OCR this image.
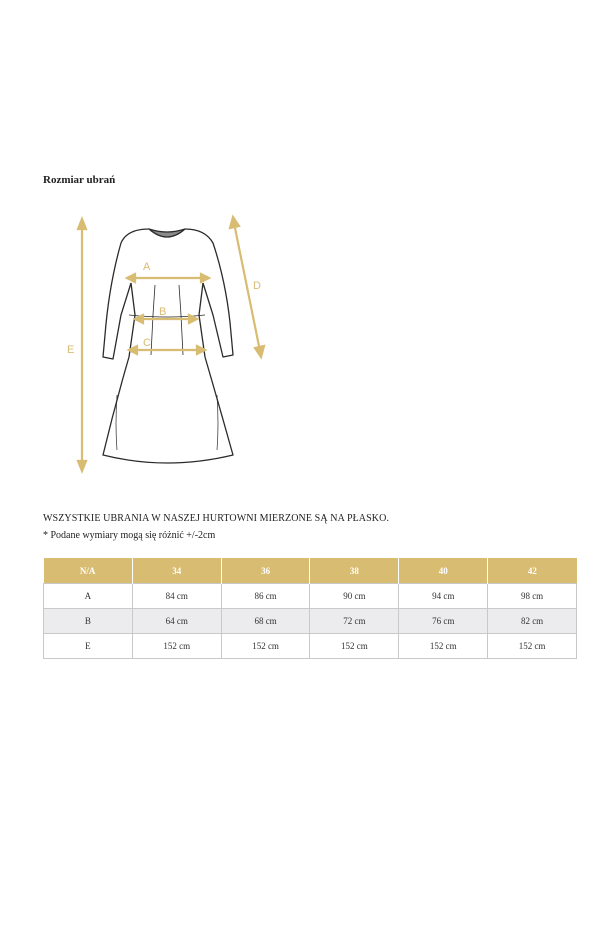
Rozmiar ubrań
A
B
C
D
E
WSZYSTKIE UBRANIA W NASZEJ HURTOWNI MIERZONE SĄ NA PŁASKO.
* Podane wymiary mogą się różnić +/-2cm
N/A	34	36	38	40	42
A	84 cm	86 cm	90 cm	94 cm	98 cm
B	64 cm	68 cm	72 cm	76 cm	82 cm
E	152 cm	152 cm	152 cm	152 cm	152 cm
